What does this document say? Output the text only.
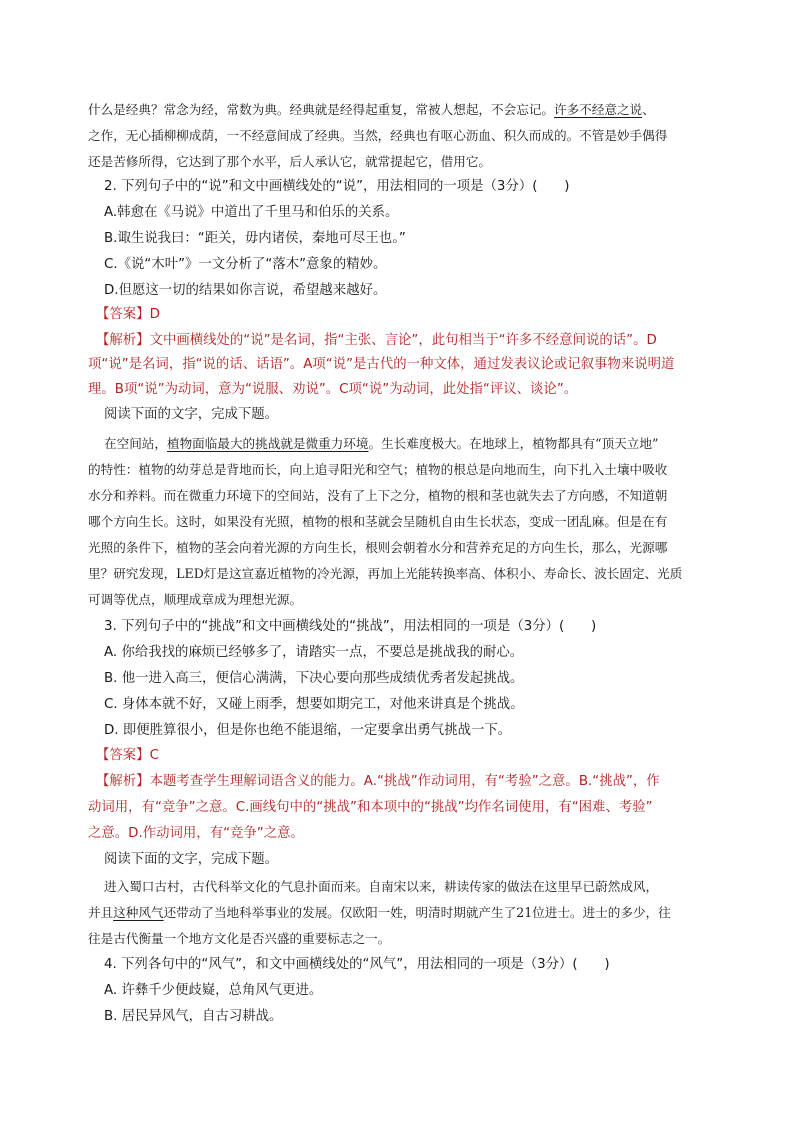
什么是经典？常念为经，常数为典。经典就是经得起重复，常被人想起，不会忘记。许多不经意之说、
之作，无心插柳柳成荫，一不经意间成了经典。当然，经典也有呕心沥血、积久而成的。不管是妙手偶得
还是苦修所得，它达到了那个水平，后人承认它，就常提起它，借用它。
2. 下列句子中的“说”和文中画横线处的“说”，用法相同的一项是（3分）(　　)
A.韩愈在《马说》中道出了千里马和伯乐的关系。
B.诹生说我曰：“距关，毋内诸侯，秦地可尽王也。”
C.《说“木叶”》一文分析了“落木”意象的精妙。
D.但愿这一切的结果如你言说，希望越来越好。
【答案】D
【解析】文中画横线处的“说”是名词，指“主张、言论”，此句相当于“许多不经意间说的话”。D
项“说”是名词，指“说的话、话语”。A项“说”是古代的一种文体，通过发表议论或记叙事物来说明道
理。B项“说”为动词，意为“说服、劝说”。C项“说”为动词，此处指“评议、谈论”。
阅读下面的文字，完成下题。
在空间站，植物面临最大的挑战就是微重力环境。生长难度极大。在地球上，植物都具有“顶天立地”
的特性：植物的幼芽总是背地而长，向上追寻阳光和空气；植物的根总是向地而生，向下扎入土壤中吸收
水分和养料。而在微重力环境下的空间站，没有了上下之分，植物的根和茎也就失去了方向感，不知道朝
哪个方向生长。这时，如果没有光照，植物的根和茎就会呈随机自由生长状态，变成一团乱麻。但是在有
光照的条件下，植物的茎会向着光源的方向生长，根则会朝着水分和营养充足的方向生长，那么，光源哪
里？研究发现，LED灯是这宣嘉近植物的冷光源，再加上光能转换率高、体积小、寿命长、波长固定、光质
可调等优点，顺理成章成为理想光源。
3. 下列句子中的“挑战”和文中画横线处的“挑战”，用法相同的一项是（3分）(　　)
A. 你给我找的麻烦已经够多了，请踏实一点，不要总是挑战我的耐心。
B. 他一进入高三，便信心满满，下决心要向那些成绩优秀者发起挑战。
C. 身体本就不好，又碰上雨季，想要如期完工，对他来讲真是个挑战。
D. 即便胜算很小，但是你也绝不能退缩，一定要拿出勇气挑战一下。
【答案】C
【解析】本题考查学生理解词语含义的能力。A.“挑战”作动词用，有“考验”之意。B.“挑战”，作
动词用，有“竞争”之意。C.画线句中的“挑战”和本项中的“挑战”均作名词使用，有“困难、考验”
之意。D.作动词用，有“竞争”之意。
阅读下面的文字，完成下题。
进入蜀口古村，古代科举文化的气息扑面而来。自南宋以来，耕读传家的做法在这里早已蔚然成风，
并且这种风气还带动了当地科举事业的发展。仅欧阳一姓，明清时期就产生了21位进士。进士的多少，往
往是古代衡量一个地方文化是否兴盛的重要标志之一。
4. 下列各句中的“风气”，和文中画横线处的“风气”，用法相同的一项是（3分）(　　)
A. 许彝千少便歧嶷，总角风气更进。
B. 居民异风气，自古习耕战。
